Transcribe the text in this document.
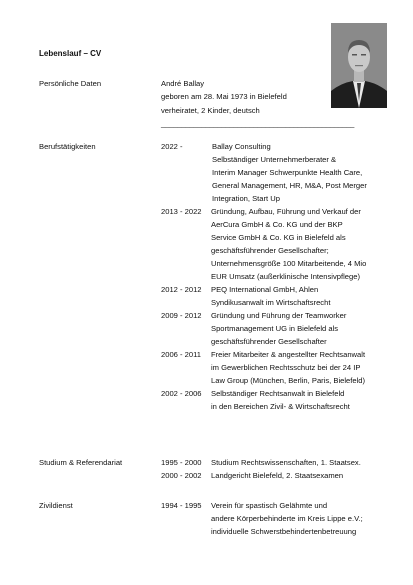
Lebenslauf – CV
Persönliche Daten	André Ballay
geboren am 28. Mai 1973 in Bielefeld
verheiratet, 2 Kinder, deutsch
________________________________________________
Berufstätigkeiten	2022 -	Ballay Consulting
Selbständiger Unternehmerberater &
Interim Manager Schwerpunkte Health Care,
General Management, HR, M&A, Post Merger
Integration, Start Up
2013 - 2022 Gründung, Aufbau, Führung und Verkauf der
AerCura GmbH & Co. KG und der BKP
Service GmbH & Co. KG in Bielefeld als
geschäftsführender Gesellschafter;
Unternehmensgröße 100 Mitarbeitende, 4 Mio
EUR Umsatz (außerklinische Intensivpflege)
2012 - 2012 PEQ International GmbH, Ahlen
Syndikusanwalt im Wirtschaftsrecht
2009 - 2012 Gründung und Führung der Teamworker
Sportmanagement UG in Bielefeld als
geschäftsführender Gesellschafter
2006 - 2011 Freier Mitarbeiter & angestellter Rechtsanwalt
im Gewerblichen Rechtsschutz bei der 24 IP
Law Group (München, Berlin, Paris, Bielefeld)
2002 - 2006 Selbständiger Rechtsanwalt in Bielefeld
in den Bereichen Zivil- & Wirtschaftsrecht
Studium & Referendariat	1995 - 2000 Studium Rechtswissenschaften, 1. Staatsex.
2000 - 2002 Landgericht Bielefeld, 2. Staatsexamen
Zivildienst	1994 - 1995 Verein für spastisch Gelähmte und
andere Körperbehinderte im Kreis Lippe e.V.;
individuelle Schwerstbehindertenbetreuung
